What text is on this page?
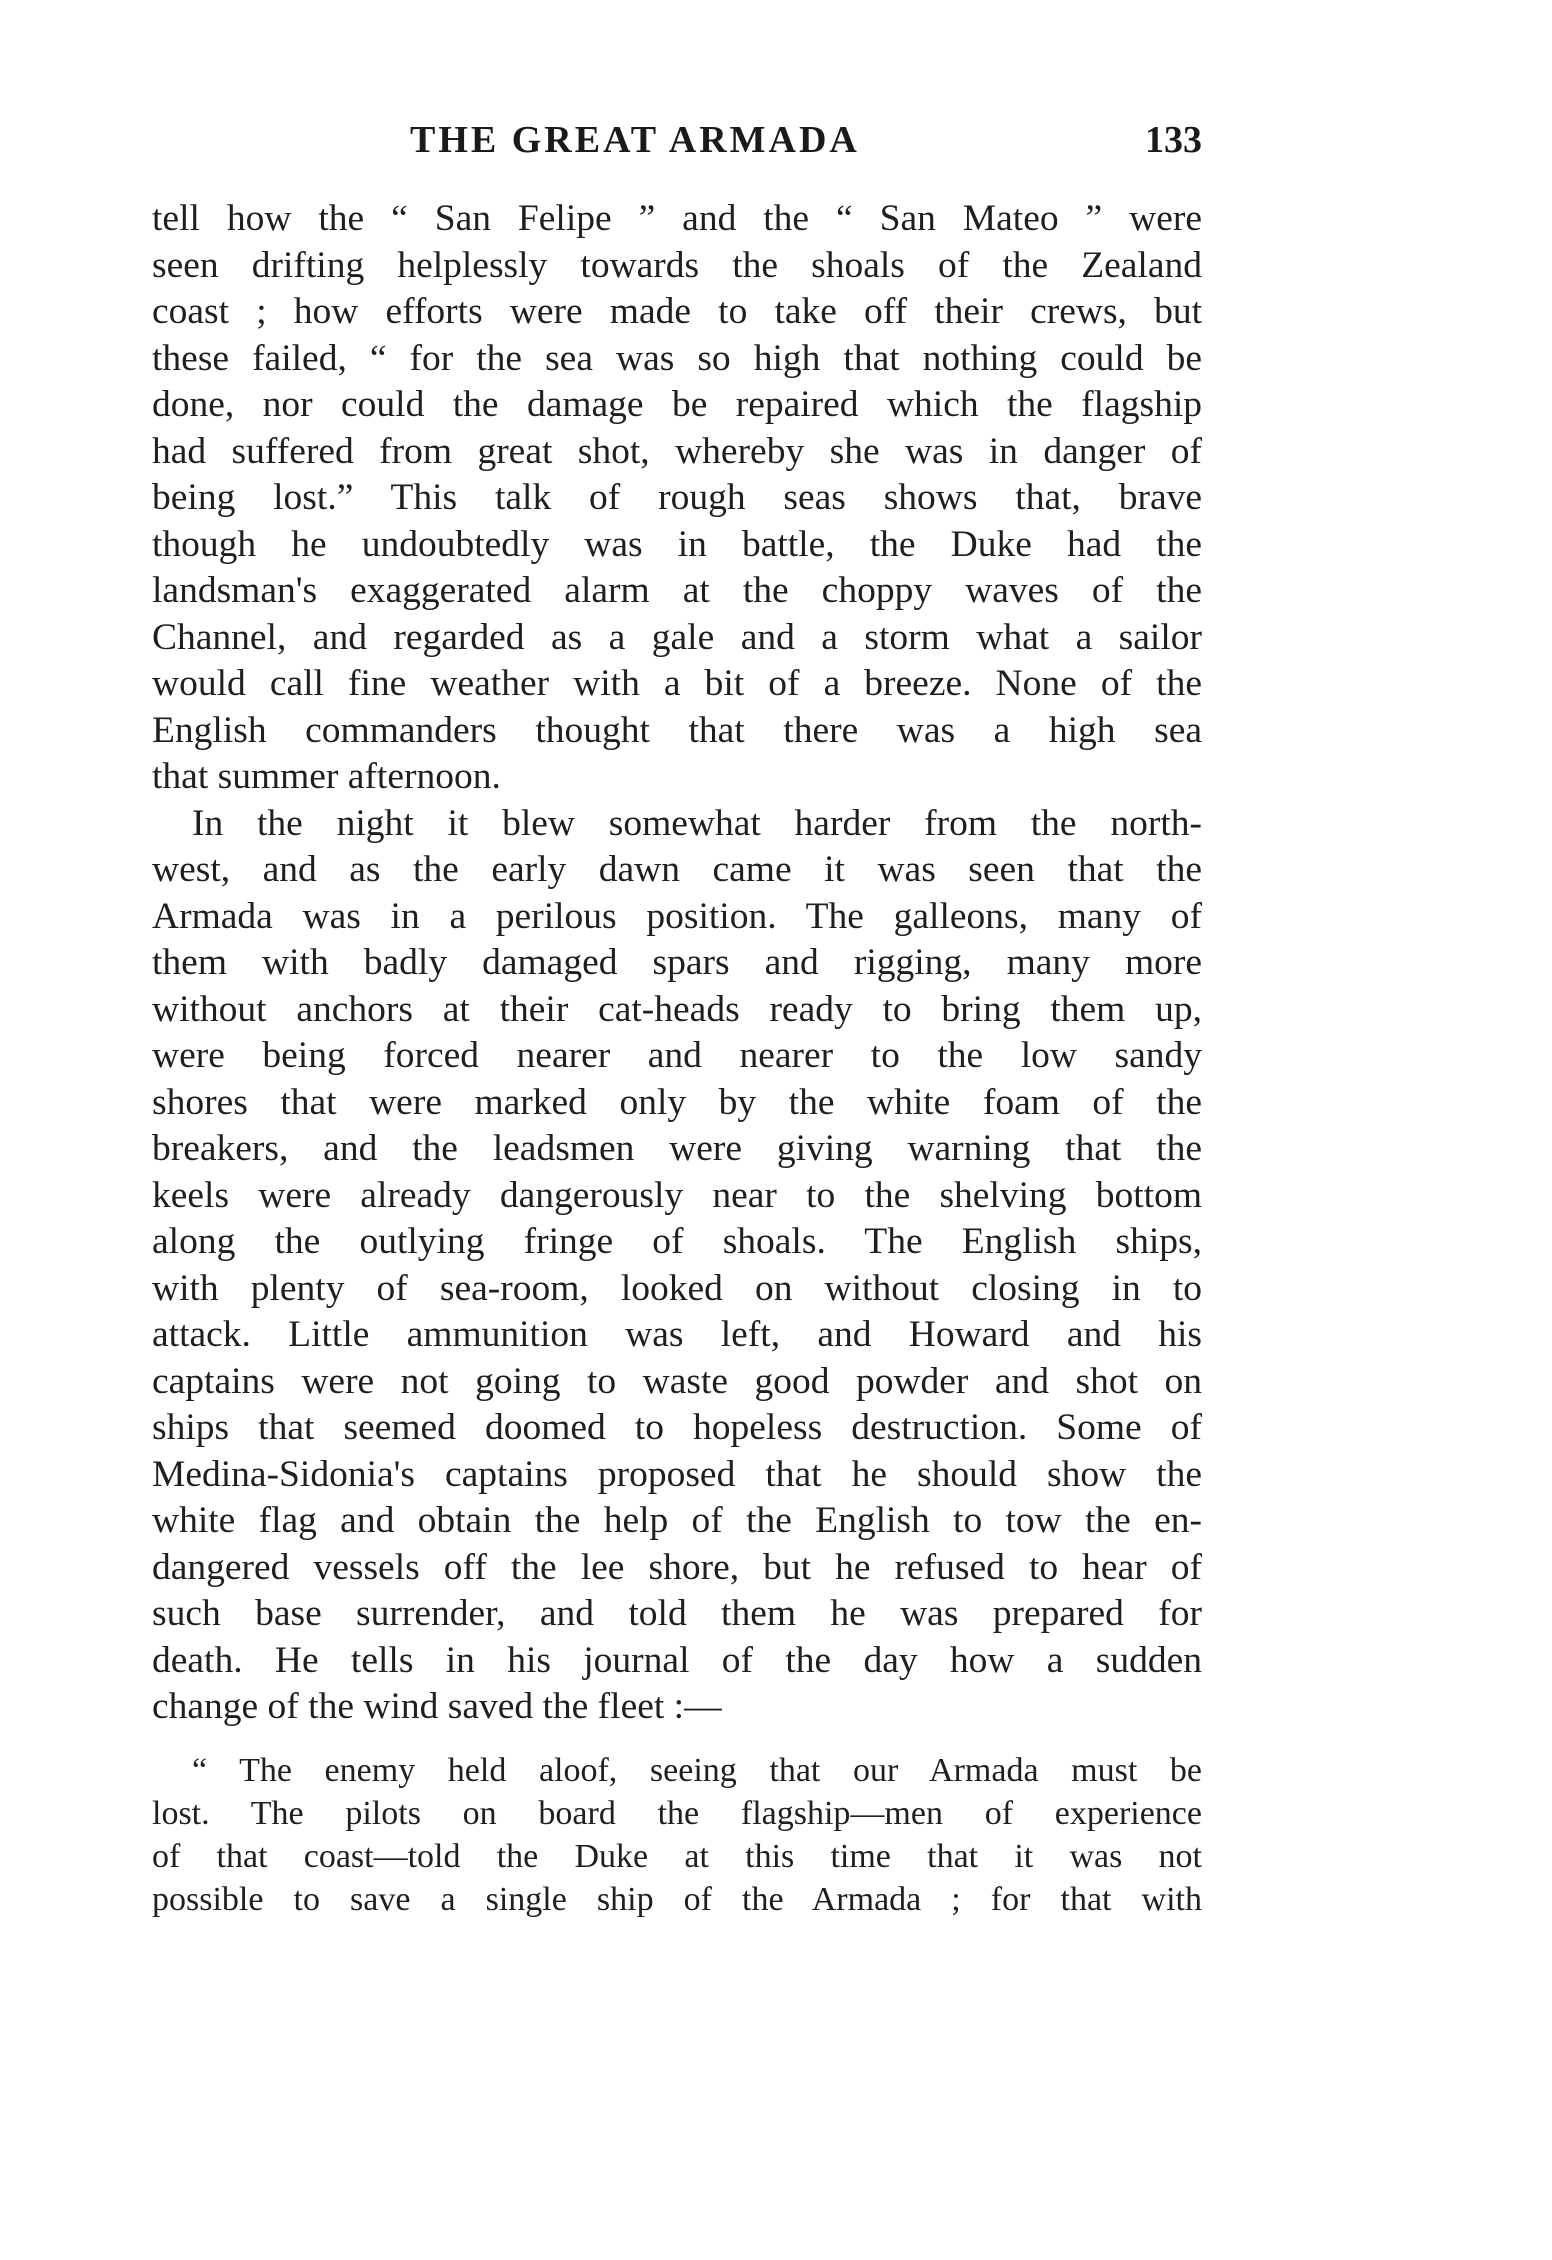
THE GREAT ARMADA	133
tell how the “ San Felipe ” and the “ San Mateo ” were
seen drifting helplessly towards the shoals of the Zealand
coast ; how efforts were made to take off their crews, but
these failed, “ for the sea was so high that nothing could be
done, nor could the damage be repaired which the flagship
had suffered from great shot, whereby she was in danger of
being lost.” This talk of rough seas shows that, brave
though he undoubtedly was in battle, the Duke had the
landsman's exaggerated alarm at the choppy waves of the
Channel, and regarded as a gale and a storm what a sailor
would call fine weather with a bit of a breeze. None of the
English commanders thought that there was a high sea
that summer afternoon.
In the night it blew somewhat harder from the north-
west, and as the early dawn came it was seen that the
Armada was in a perilous position. The galleons, many of
them with badly damaged spars and rigging, many more
without anchors at their cat-heads ready to bring them up,
were being forced nearer and nearer to the low sandy
shores that were marked only by the white foam of the
breakers, and the leadsmen were giving warning that the
keels were already dangerously near to the shelving bottom
along the outlying fringe of shoals. The English ships,
with plenty of sea-room, looked on without closing in to
attack. Little ammunition was left, and Howard and his
captains were not going to waste good powder and shot on
ships that seemed doomed to hopeless destruction. Some of
Medina-Sidonia's captains proposed that he should show the
white flag and obtain the help of the English to tow the en-
dangered vessels off the lee shore, but he refused to hear of
such base surrender, and told them he was prepared for
death. He tells in his journal of the day how a sudden
change of the wind saved the fleet :—
“ The enemy held aloof, seeing that our Armada must be
lost. The pilots on board the flagship—men of experience
of that coast—told the Duke at this time that it was not
possible to save a single ship of the Armada ; for that with
